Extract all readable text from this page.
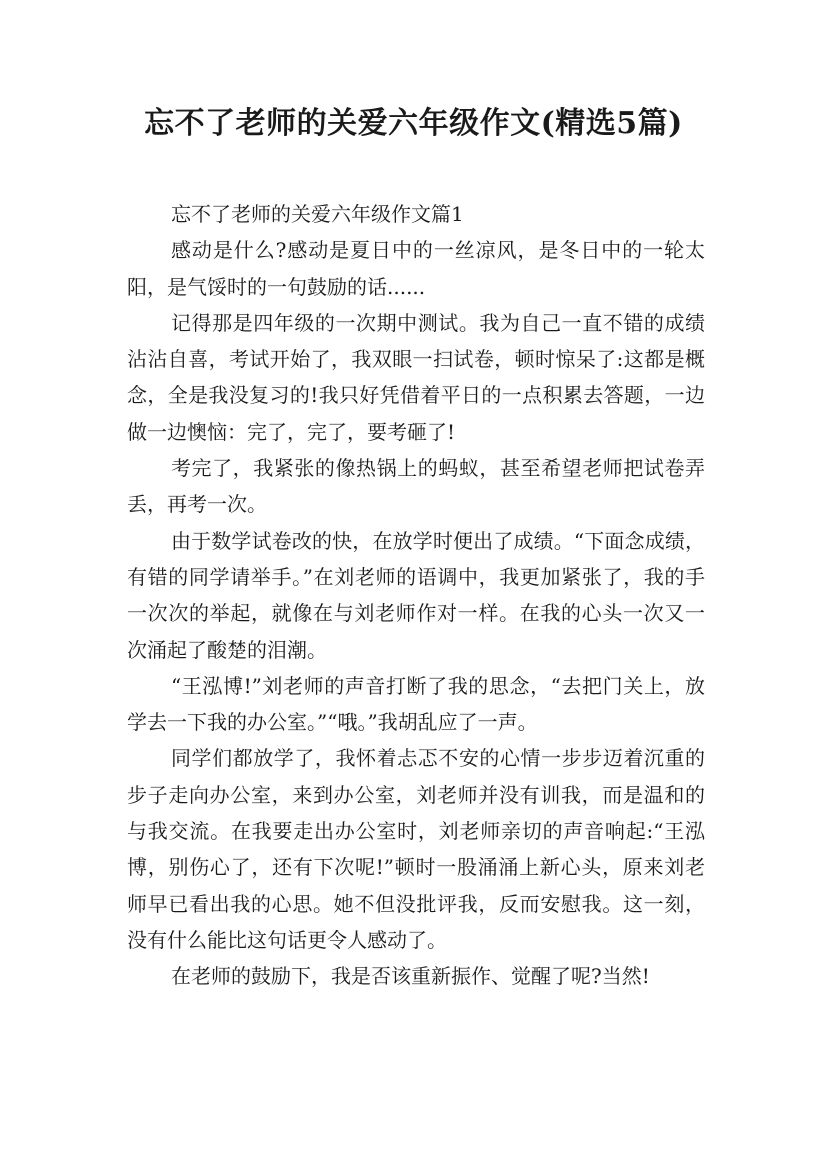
忘不了老师的关爱六年级作文(精选5篇)

忘不了老师的关爱六年级作文篇1

感动是什么?感动是夏日中的一丝凉风，是冬日中的一轮太阳，是气馁时的一句鼓励的话......

记得那是四年级的一次期中测试。我为自己一直不错的成绩沾沾自喜，考试开始了，我双眼一扫试卷，顿时惊呆了:这都是概念，全是我没复习的!我只好凭借着平日的一点积累去答题，一边做一边懊恼：完了，完了，要考砸了!

考完了，我紧张的像热锅上的蚂蚁，甚至希望老师把试卷弄丢，再考一次。

由于数学试卷改的快，在放学时便出了成绩。“下面念成绩，有错的同学请举手。”在刘老师的语调中，我更加紧张了，我的手一次次的举起，就像在与刘老师作对一样。在我的心头一次又一次涌起了酸楚的泪潮。

“王泓博!”刘老师的声音打断了我的思念，“去把门关上，放学去一下我的办公室。”“哦。”我胡乱应了一声。

同学们都放学了，我怀着忐忑不安的心情一步步迈着沉重的步子走向办公室，来到办公室，刘老师并没有训我，而是温和的与我交流。在我要走出办公室时，刘老师亲切的声音响起:“王泓博，别伤心了，还有下次呢!”顿时一股涌涌上新心头，原来刘老师早已看出我的心思。她不但没批评我，反而安慰我。这一刻，没有什么能比这句话更令人感动了。

在老师的鼓励下，我是否该重新振作、觉醒了呢?当然!
